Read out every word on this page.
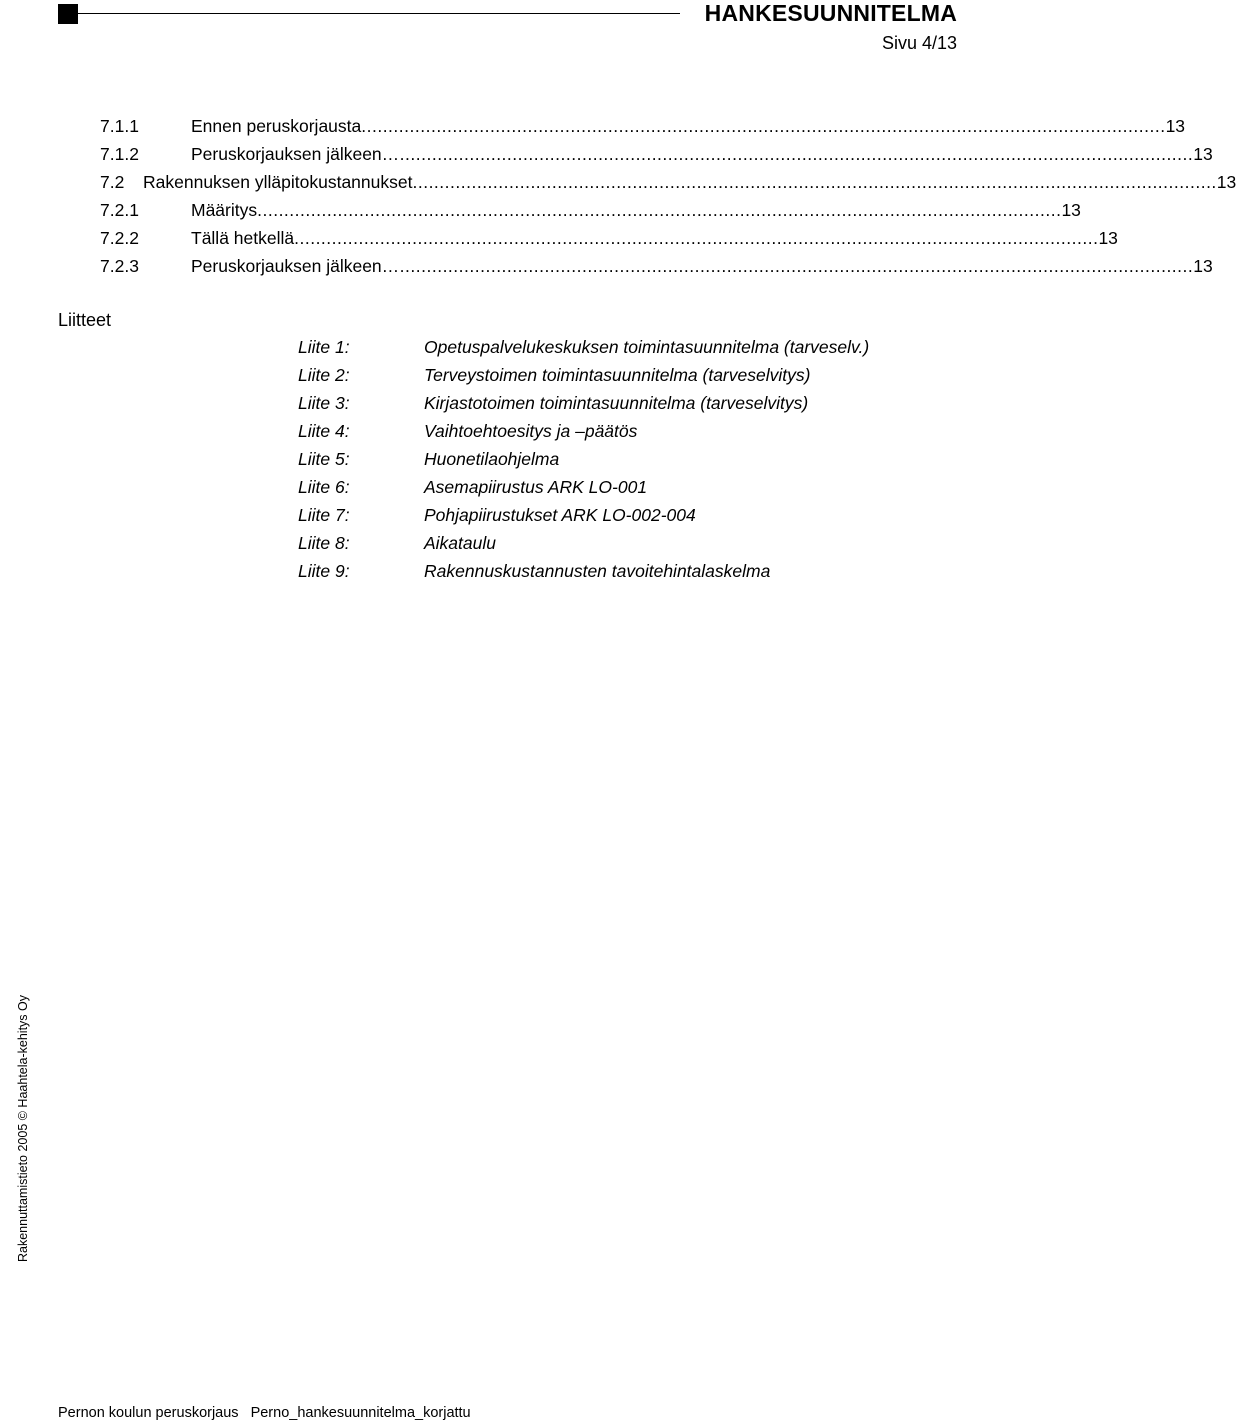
HANKESUUNNITELMA
Sivu 4/13
7.1.1	Ennen peruskorjausta ...................................................................................................................................................... 13
7.1.2	Peruskorjauksen jälkeen ….................................................................................................................................................... 13
7.2 Rakennuksen ylläpitokustannukset ...................................................................................................................................................... 13
7.2.1	Määritys ...................................................................................................................................................... 13
7.2.2	Tällä hetkellä ...................................................................................................................................................... 13
7.2.3	Peruskorjauksen jälkeen ….................................................................................................................................................... 13
Liitteet
Liite 1:	Opetuspalvelukeskuksen toimintasuunnitelma (tarveselv.)
Liite 2:	Terveystoimen toimintasuunnitelma (tarveselvitys)
Liite 3:	Kirjastotoimen toimintasuunnitelma (tarveselvitys)
Liite 4:	Vaihtoehtoesitys ja –päätös
Liite 5:	Huonetilaohjelma
Liite 6:	Asemapiirustus ARK LO-001
Liite 7:	Pohjapiirustukset ARK LO-002-004
Liite 8:	Aikataulu
Liite 9:	Rakennuskustannusten tavoitehintalaskelma
Rakennuttamistieto 2005 © Haahtela-kehitys Oy
Pernon koulun peruskorjaus Perno_hankesuunnitelma_korjattu
